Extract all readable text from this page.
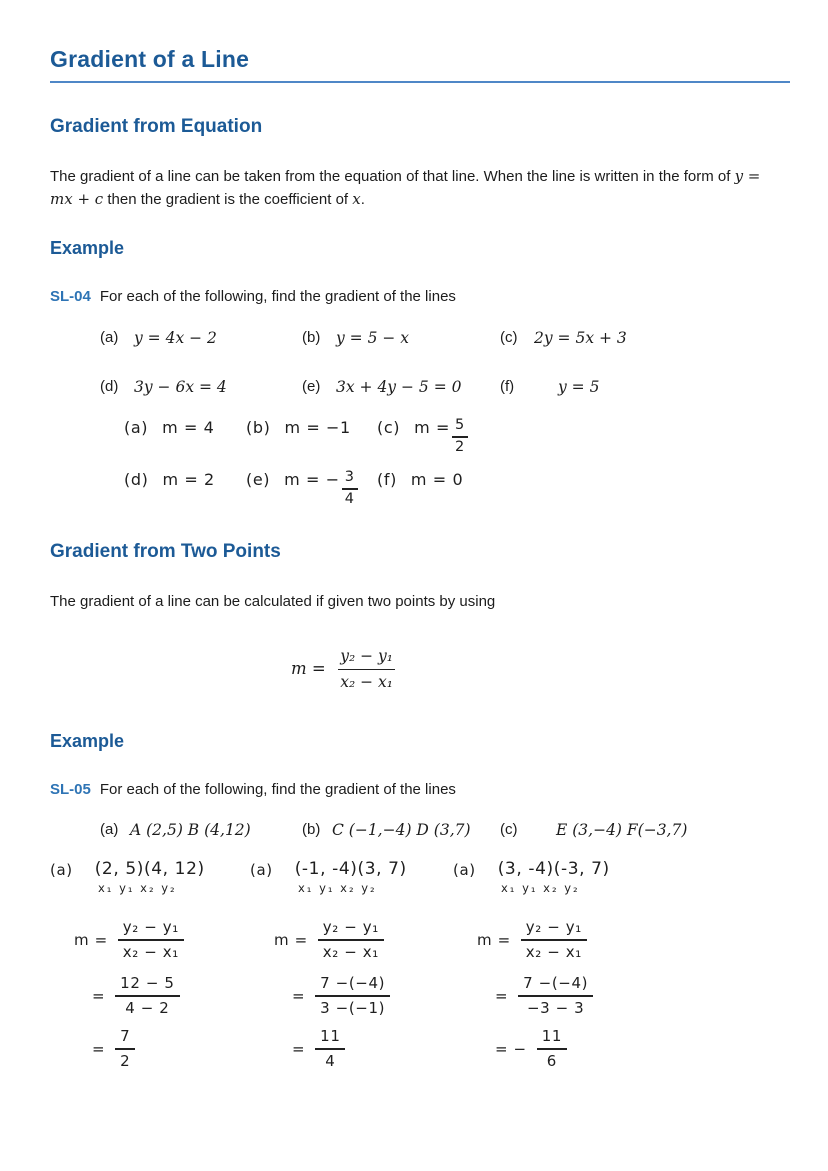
Gradient of a Line
Gradient from Equation

The gradient of a line can be taken from the equation of that line. When the line is written in the form of y = mx + c then the gradient is the coefficient of x.

Example
SL-04 For each of the following, find the gradient of the lines
(a)	y = 4x − 2	(b)	y = 5 − x	(c)	2y = 5x + 3
(d)	3y − 6x = 4	(e)	3x + 4y − 5 = 0	(f)	y = 5
(a) m = 4 (b) m = −1 (c) $m = \frac{5}{2}$
(d) m = 2 (e) m = − $\frac{3}{4} (f) m = 0$
Gradient from Two Points

The gradient of a line can be calculated if given two points by using

$m = \frac{\text{y₂ − y₁}}{\text{x₂ − x₁}}$
Example
SL-05 For each of the following, find the gradient of the lines
(a) A (2,5) B (4,12)	(b) C (−1,−4) D (3,7) (c)	E (3,−4) F(−3,7)
(a) (2, 5)(4, 12)
x₁ y₁ x₂ y₂
$m = \frac{\text{y₂ − y₁}}{\text{x₂ − x₁}}$
= $\frac{12 - 5}{4 - 2}$
= $\frac{7}{2}$
(a) (-1, -4)(3, 7)
x₁ y₁ x₂ y₂
$m = \frac{\text{y₂ − y₁}}{\text{x₂ − x₁}}$
= $\frac{7 -(-4)}{3 -(-1)}$
= $\frac{11}{4}$
(a) (3, -4)(-3, 7)
x₁ y₁ x₂ y₂
$m = \frac{\text{y₂ − y₁}}{\text{x₂ − x₁}}$
= $\frac{7 -(-4)}{-3 - 3}$
= − $\frac{11}{6}$
